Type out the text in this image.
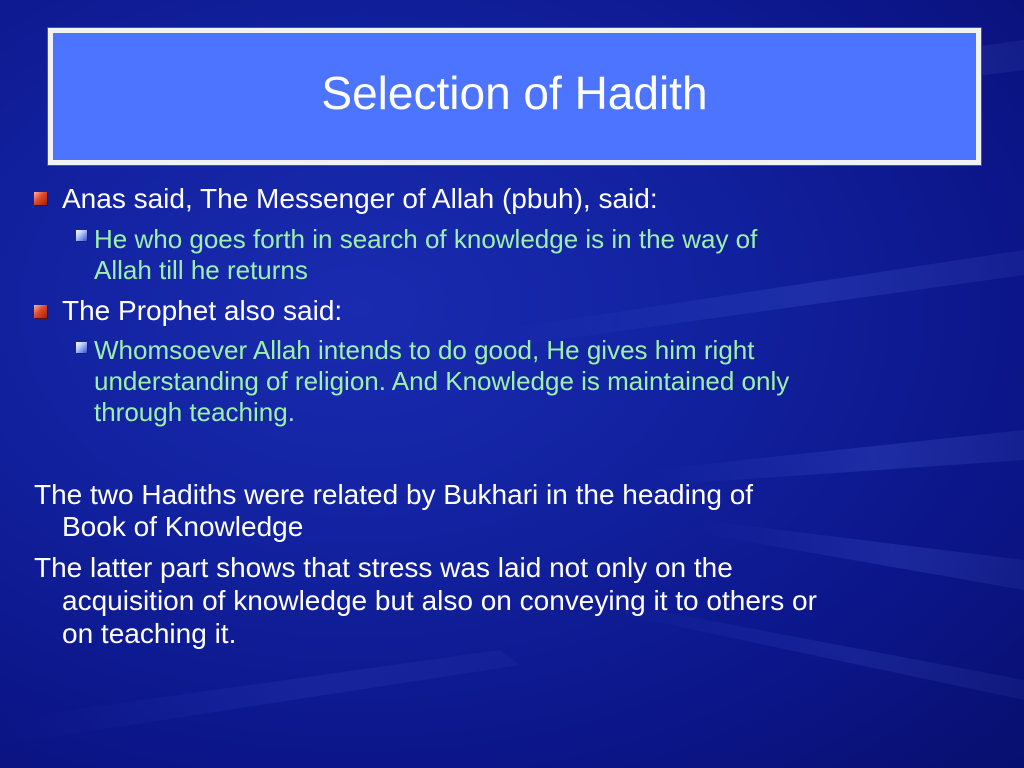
Selection of Hadith
Anas said, The Messenger of Allah (pbuh), said:
He who goes forth in search of knowledge is in the way of
Allah till he returns
The Prophet also said:
Whomsoever Allah intends to do good, He gives him right
understanding of religion. And Knowledge is maintained only
through teaching.
The two Hadiths were related by Bukhari in the heading of
Book of Knowledge
The latter part shows that stress was laid not only on the
acquisition of knowledge but also on conveying it to others or
on teaching it.
